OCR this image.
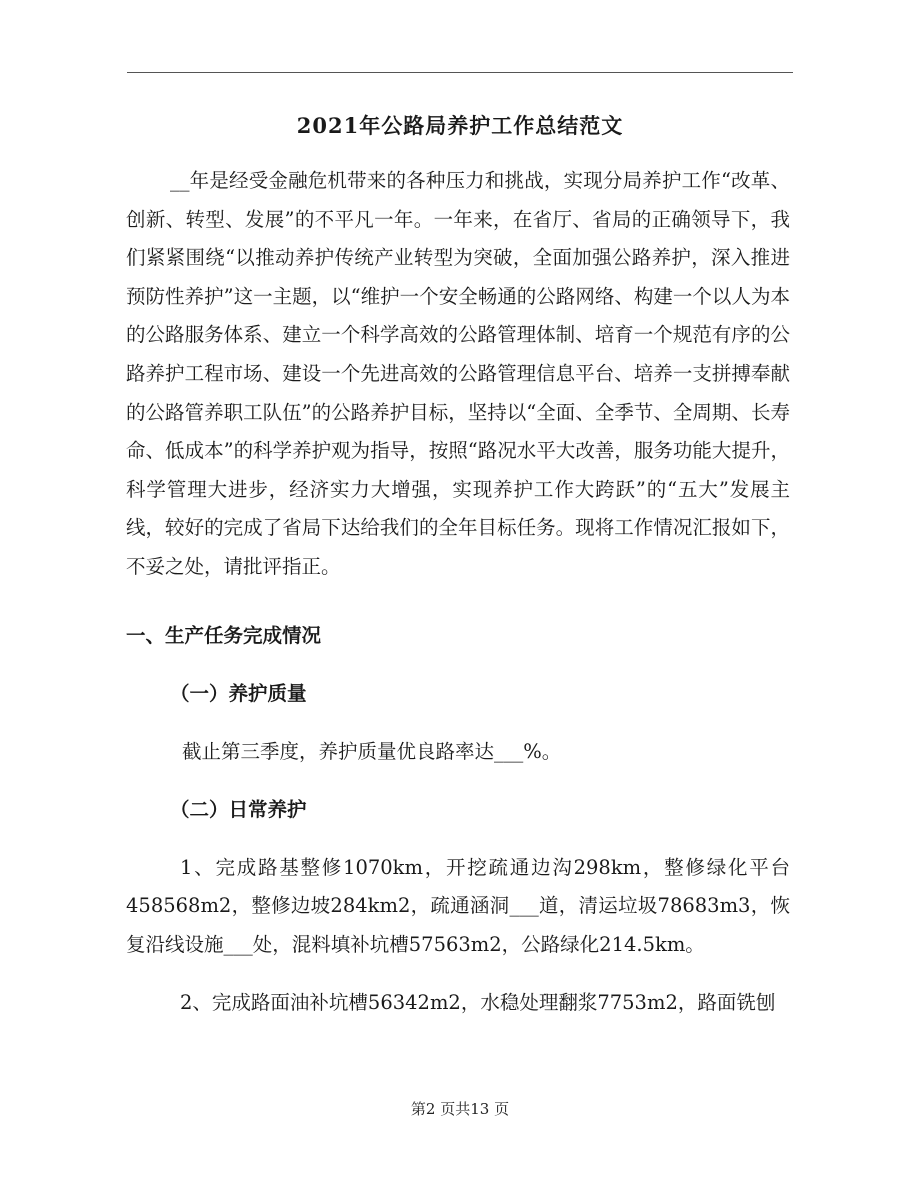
2021年公路局养护工作总结范文

__年是经受金融危机带来的各种压力和挑战，实现分局养护工作“改革、创新、转型、发展”的不平凡一年。一年来，在省厅、省局的正确领导下，我们紧紧围绕“以推动养护传统产业转型为突破，全面加强公路养护，深入推进预防性养护”这一主题，以“维护一个安全畅通的公路网络、构建一个以人为本的公路服务体系、建立一个科学高效的公路管理体制、培育一个规范有序的公路养护工程市场、建设一个先进高效的公路管理信息平台、培养一支拼搏奉献的公路管养职工队伍”的公路养护目标，坚持以“全面、全季节、全周期、长寿命、低成本”的科学养护观为指导，按照“路况水平大改善，服务功能大提升，科学管理大进步，经济实力大增强，实现养护工作大跨跃”的“五大”发展主线，较好的完成了省局下达给我们的全年目标任务。现将工作情况汇报如下，不妥之处，请批评指正。

一、生产任务完成情况

（一）养护质量

截止第三季度，养护质量优良路率达___%。

（二）日常养护

1、完成路基整修1070km，开挖疏通边沟298km，整修绿化平台458568m2，整修边坡284km2，疏通涵洞___道，清运垃圾78683m3，恢复沿线设施___处，混料填补坑槽57563m2，公路绿化214.5km。

2、完成路面油补坑槽56342m2，水稳处理翻浆7753m2，路面铣刨

第2 页共13 页
